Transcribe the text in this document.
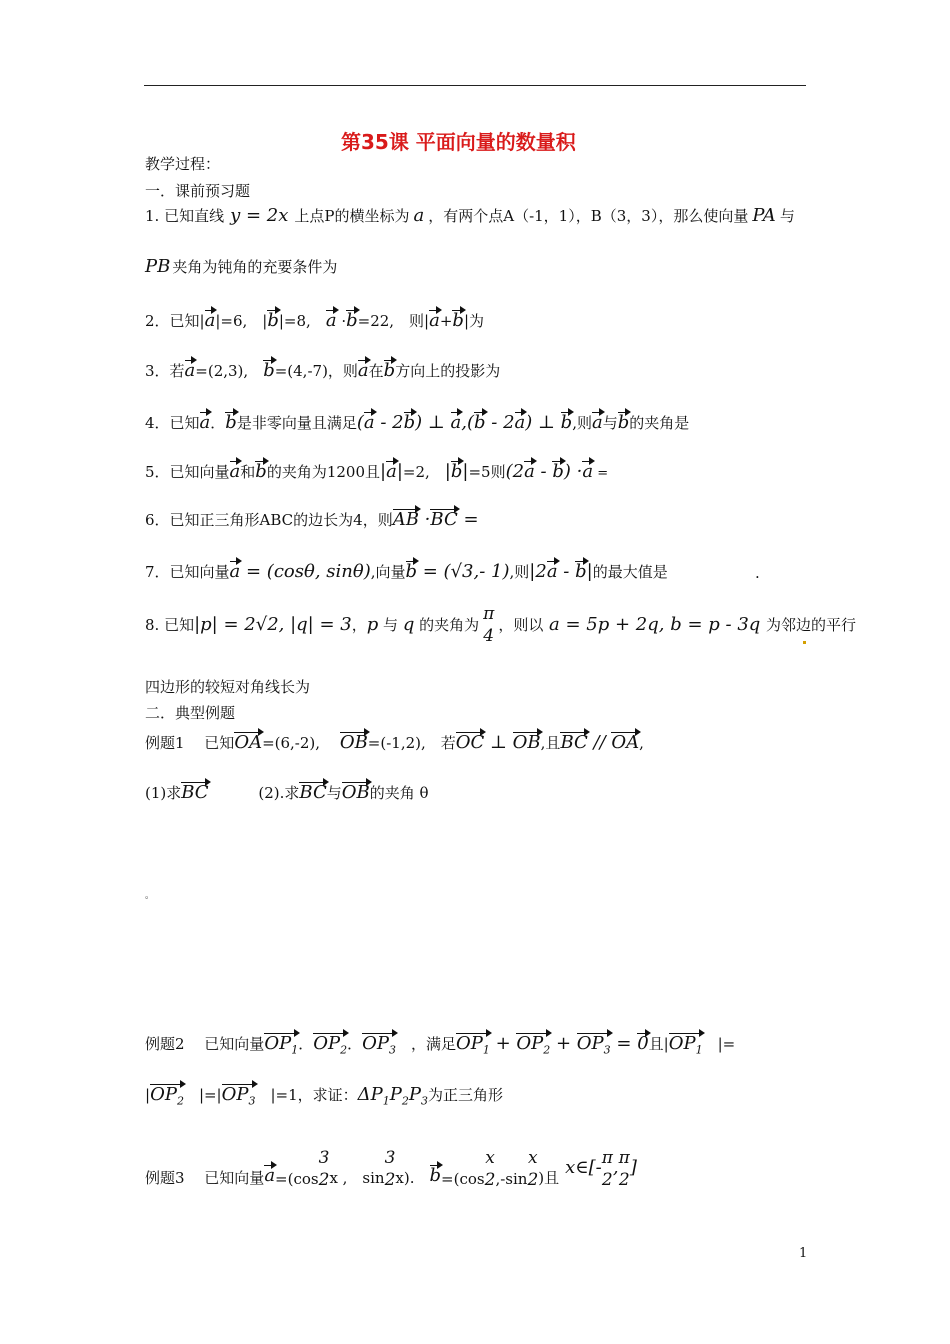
第35课 平面向量的数量积
教学过程：
一．课前预习题
1. 已知直线 y = 2x 上点P的横坐标为 a ，有两个点A（-1，1），B（3，3），那么使向量 PA 与
PB 夹角为钝角的充要条件为
2．已知|a|=6,　|b|=8,　a ·b=22,　则|a+b|为
3．若a=(2,3),　b=(4,-7)，则a在b方向上的投影为
4．已知a．b是非零向量且满足(a - 2b) ⊥ a,(b - 2a) ⊥ b,则a与b的夹角是
5．已知向量a和b的夹角为1200且|a|=2,　|b|=5则(2a - b) ·a =
6．已知正三角形ABC的边长为4，则AB ·BC =
7．已知向量a = (cosθ, sinθ),向量b = (√3,- 1),则|2a - b|的最大值是	.
8. 已知|p| = 2√2, |q| = 3，p 与 q 的夹角为
π
4
，则以 a = 5p + 2q, b = p - 3q 为邻边的平行
四边形的较短对角线长为
二．典型例题
例题1　 已知OA=(6,-2),　 OB=(-1,2),　若OC ⊥ OB,且BC // OA,
(1)求BC　　　 (2).求BC与OB的夹角 θ
。
例题2　 已知向量$OP_1$．$OP_2$．$OP_3$　，满足$OP_1 + OP_2 + OP_3 = 0$且$|OP_1$　|=
$|OP_2$　$|=|OP_3$　|=1，求证：$\Delta P_1P_2P_3$为正三角形
例题3　 已知向量a=(cos
3
2 x ,　sin
3
2 x).　b=(cos
x
2 ,-sin
x
2 )且 x∈[- π
2
, π
2
]
1
